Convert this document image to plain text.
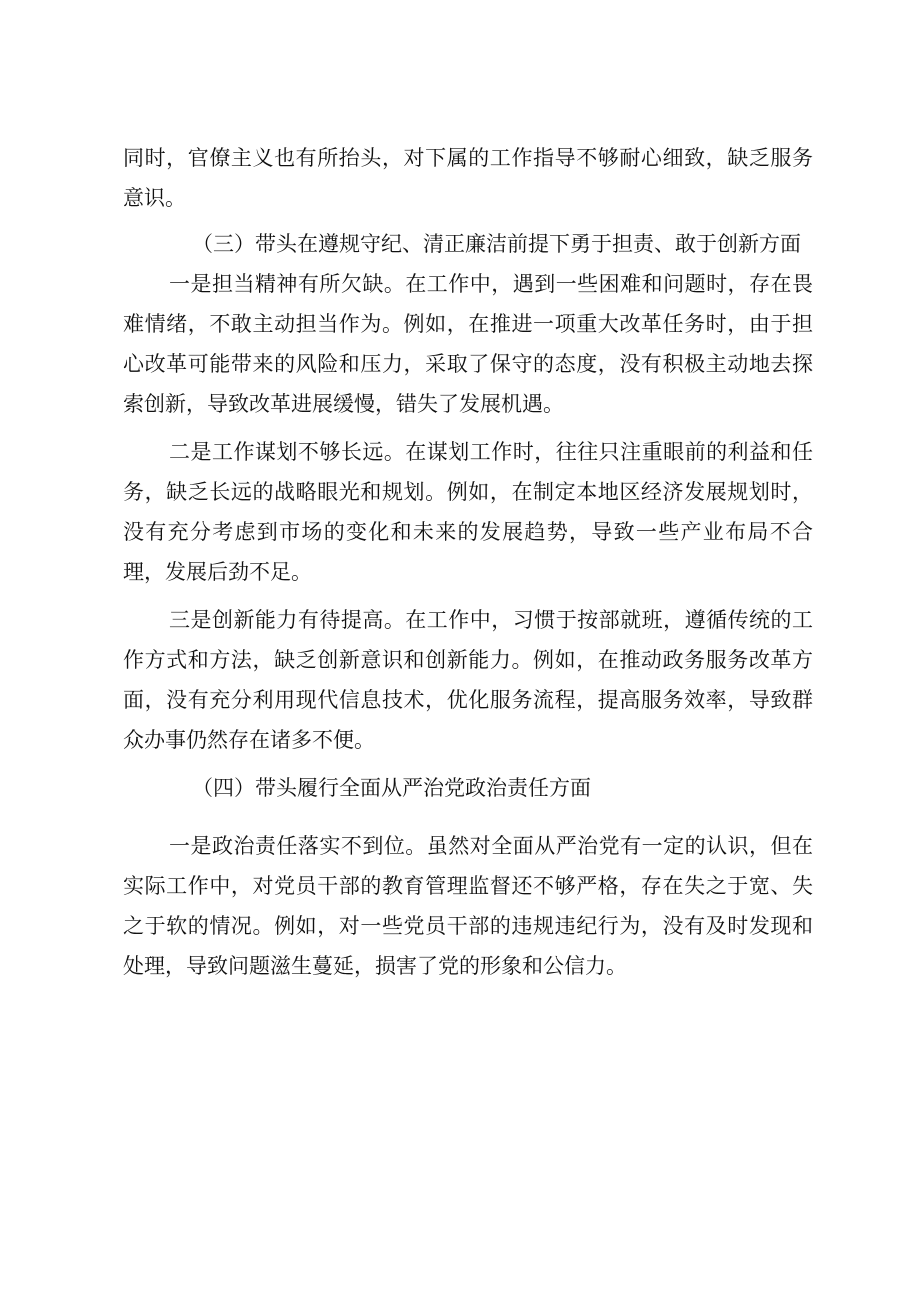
同时，官僚主义也有所抬头，对下属的工作指导不够耐心细致，缺乏服务意识。

（三）带头在遵规守纪、清正廉洁前提下勇于担责、敢于创新方面

一是担当精神有所欠缺。在工作中，遇到一些困难和问题时，存在畏难情绪，不敢主动担当作为。例如，在推进一项重大改革任务时，由于担心改革可能带来的风险和压力，采取了保守的态度，没有积极主动地去探索创新，导致改革进展缓慢，错失了发展机遇。

二是工作谋划不够长远。在谋划工作时，往往只注重眼前的利益和任务，缺乏长远的战略眼光和规划。例如，在制定本地区经济发展规划时，没有充分考虑到市场的变化和未来的发展趋势，导致一些产业布局不合理，发展后劲不足。

三是创新能力有待提高。在工作中，习惯于按部就班，遵循传统的工作方式和方法，缺乏创新意识和创新能力。例如，在推动政务服务改革方面，没有充分利用现代信息技术，优化服务流程，提高服务效率，导致群众办事仍然存在诸多不便。

（四）带头履行全面从严治党政治责任方面

一是政治责任落实不到位。虽然对全面从严治党有一定的认识，但在实际工作中，对党员干部的教育管理监督还不够严格，存在失之于宽、失之于软的情况。例如，对一些党员干部的违规违纪行为，没有及时发现和处理，导致问题滋生蔓延，损害了党的形象和公信力。
